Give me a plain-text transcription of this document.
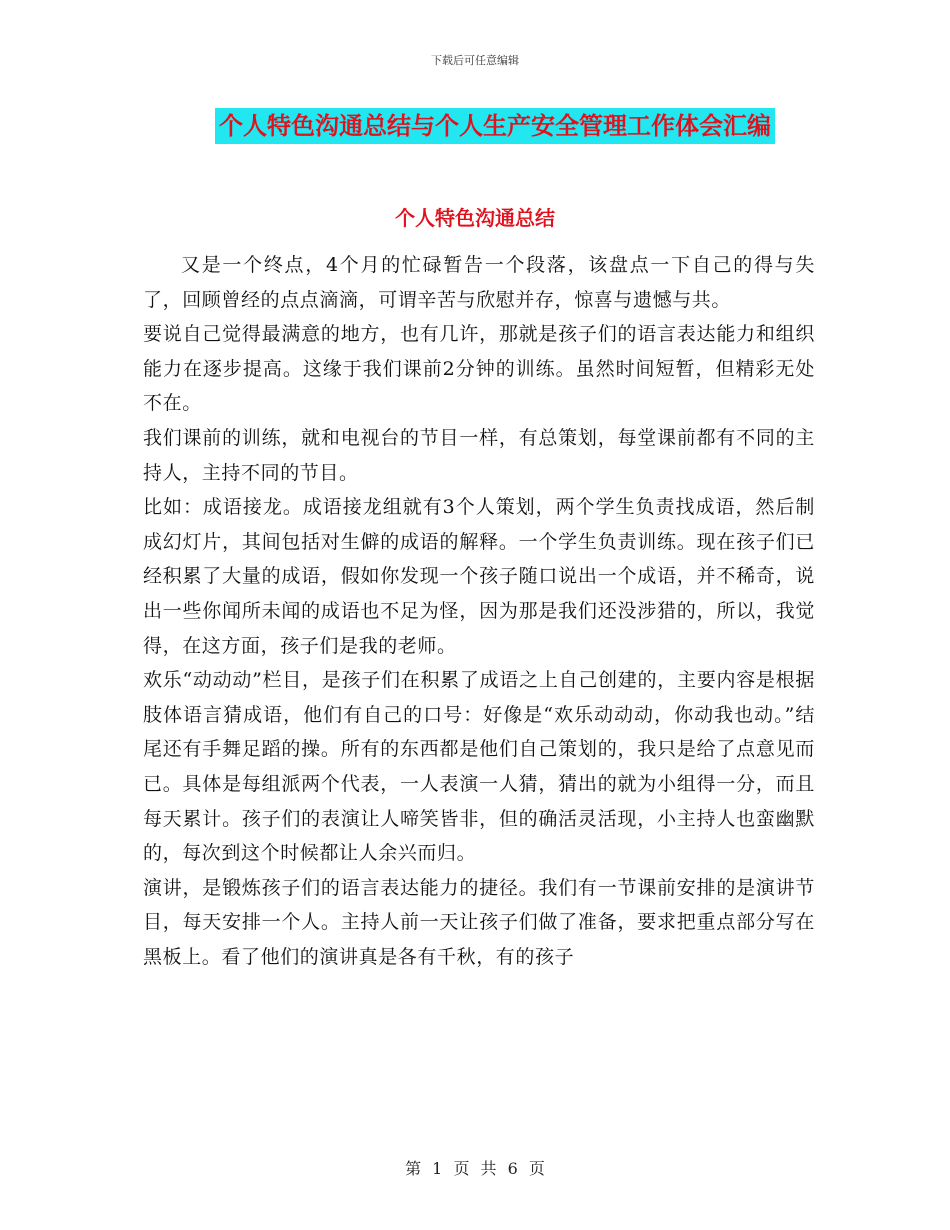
下载后可任意编辑
个人特色沟通总结与个人生产安全管理工作体会汇编
个人特色沟通总结

又是一个终点，4个月的忙碌暂告一个段落，该盘点一下自己的得与失了，回顾曾经的点点滴滴，可谓辛苦与欣慰并存，惊喜与遗憾与共。

要说自己觉得最满意的地方，也有几许，那就是孩子们的语言表达能力和组织能力在逐步提高。这缘于我们课前2分钟的训练。虽然时间短暂，但精彩无处不在。

我们课前的训练，就和电视台的节目一样，有总策划，每堂课前都有不同的主持人，主持不同的节目。

比如：成语接龙。成语接龙组就有3个人策划，两个学生负责找成语，然后制成幻灯片，其间包括对生僻的成语的解释。一个学生负责训练。现在孩子们已经积累了大量的成语，假如你发现一个孩子随口说出一个成语，并不稀奇，说出一些你闻所未闻的成语也不足为怪，因为那是我们还没涉猎的，所以，我觉得，在这方面，孩子们是我的老师。

欢乐“动动动”栏目，是孩子们在积累了成语之上自己创建的，主要内容是根据肢体语言猜成语，他们有自己的口号：好像是“欢乐动动动，你动我也动。”结尾还有手舞足蹈的操。所有的东西都是他们自己策划的，我只是给了点意见而已。具体是每组派两个代表，一人表演一人猜，猜出的就为小组得一分，而且每天累计。孩子们的表演让人啼笑皆非，但的确活灵活现，小主持人也蛮幽默的，每次到这个时候都让人余兴而归。

演讲，是锻炼孩子们的语言表达能力的捷径。我们有一节课前安排的是演讲节目，每天安排一个人。主持人前一天让孩子们做了准备，要求把重点部分写在黑板上。看了他们的演讲真是各有千秋，有的孩子

第 1 页 共 6 页
